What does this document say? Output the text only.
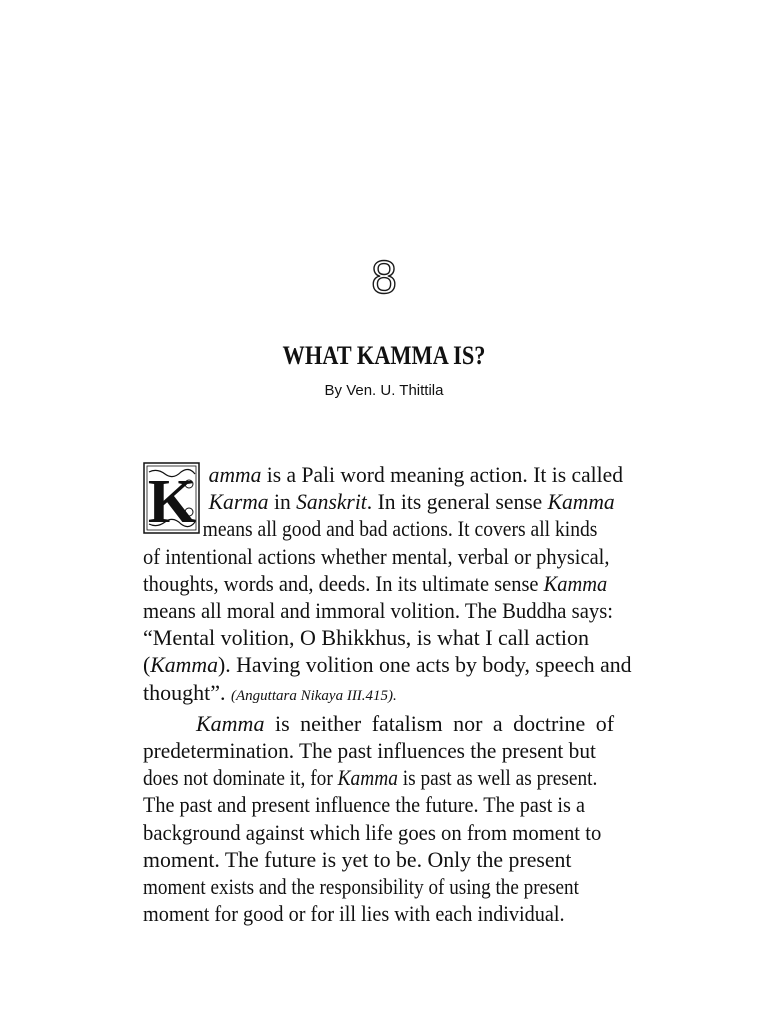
8
WHAT KAMMA IS?
By Ven. U. Thittila
K amma is a Pali word meaning action. It is called
Karma in Sanskrit. In its general sense Kamma
means all good and bad actions. It covers all kinds
of intentional actions whether mental, verbal or physical,
thoughts, words and, deeds. In its ultimate sense Kamma
means all moral and immoral volition. The Buddha says:
“Mental volition, O Bhikkhus, is what I call action
(Kamma). Having volition one acts by body, speech and
thought”. (Anguttara Nikaya III.415).
Kamma is neither fatalism nor a doctrine of
predetermination. The past influences the present but
does not dominate it, for Kamma is past as well as present.
The past and present influence the future. The past is a
background against which life goes on from moment to
moment. The future is yet to be. Only the present
moment exists and the responsibility of using the present
moment for good or for ill lies with each individual.
